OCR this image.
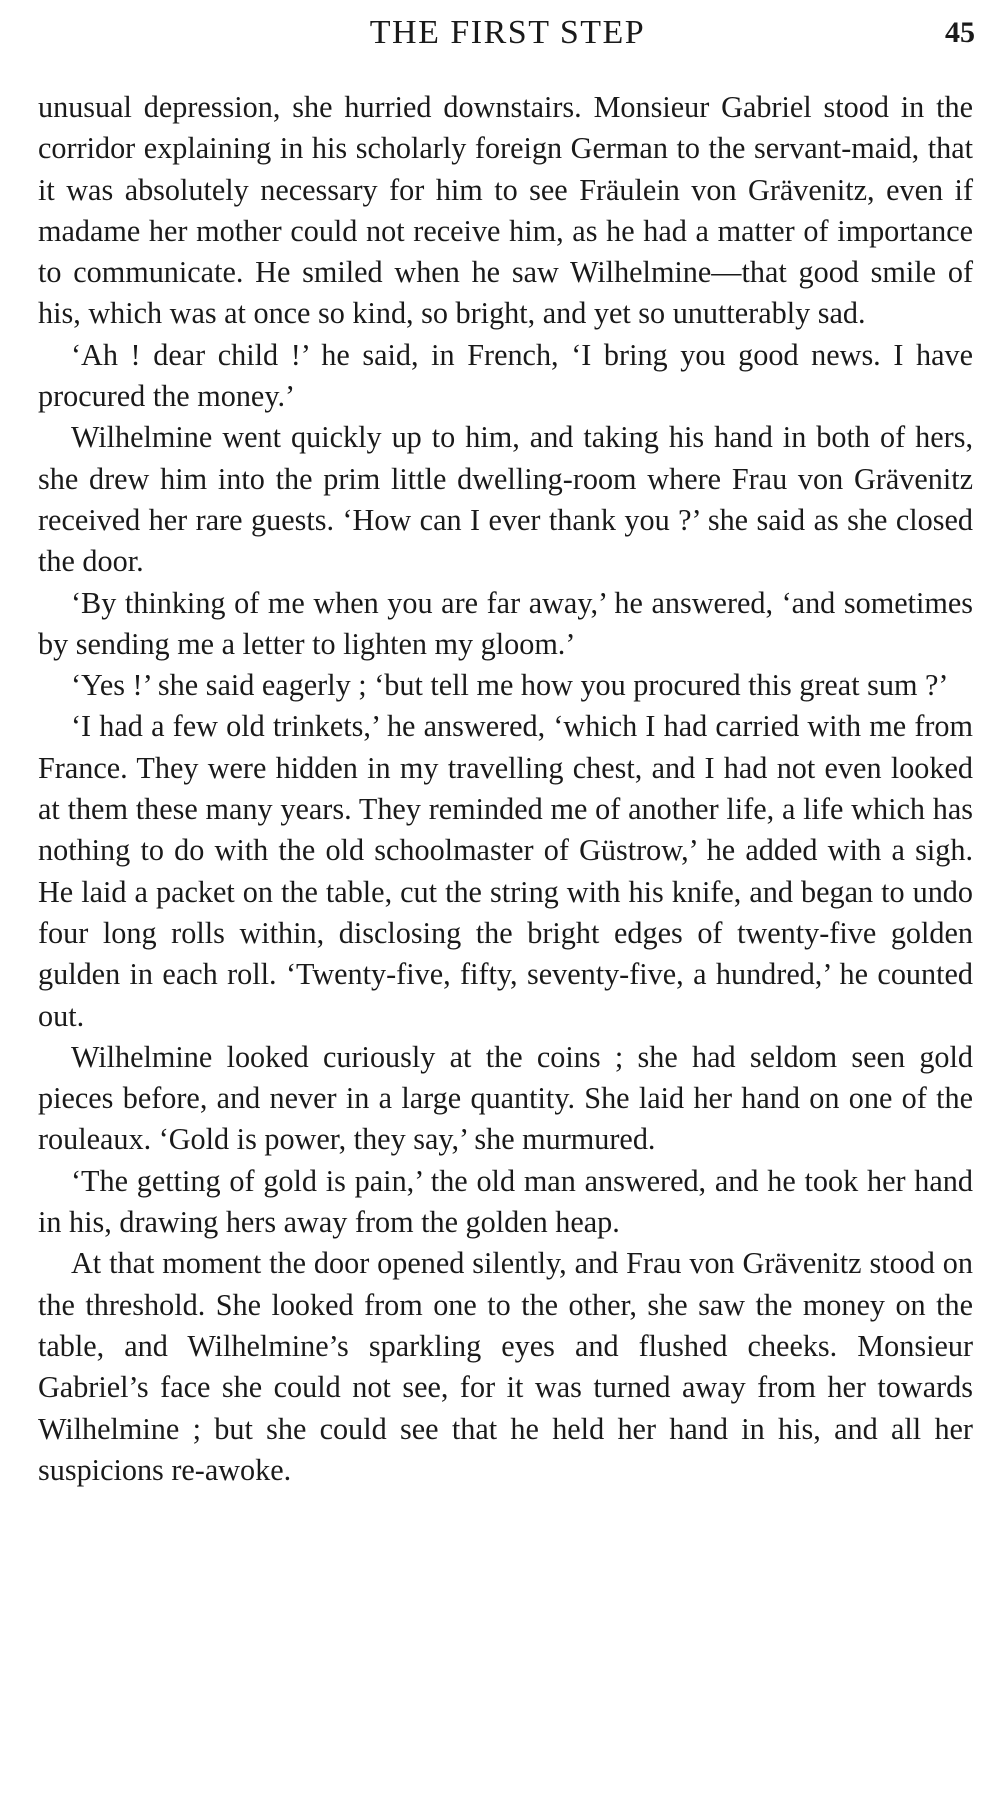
THE FIRST STEP	45

unusual depression, she hurried downstairs. Monsieur Gabriel stood in the corridor explaining in his scholarly foreign German to the servant-maid, that it was absolutely necessary for him to see Fräulein von Grävenitz, even if madame her mother could not receive him, as he had a matter of importance to communicate. He smiled when he saw Wilhelmine—that good smile of his, which was at once so kind, so bright, and yet so unutterably sad.

‘Ah ! dear child !’ he said, in French, ‘I bring you good news. I have procured the money.’

Wilhelmine went quickly up to him, and taking his hand in both of hers, she drew him into the prim little dwelling-room where Frau von Grävenitz received her rare guests. ‘How can I ever thank you ?’ she said as she closed the door.

‘By thinking of me when you are far away,’ he answered, ‘and sometimes by sending me a letter to lighten my gloom.’

‘Yes !’ she said eagerly ; ‘but tell me how you procured this great sum ?’

‘I had a few old trinkets,’ he answered, ‘which I had carried with me from France. They were hidden in my travelling chest, and I had not even looked at them these many years. They reminded me of another life, a life which has nothing to do with the old schoolmaster of Güstrow,’ he added with a sigh. He laid a packet on the table, cut the string with his knife, and began to undo four long rolls within, disclosing the bright edges of twenty-five golden gulden in each roll. ‘Twenty-five, fifty, seventy-five, a hundred,’ he counted out.

Wilhelmine looked curiously at the coins ; she had seldom seen gold pieces before, and never in a large quantity. She laid her hand on one of the rouleaux. ‘Gold is power, they say,’ she murmured.

‘The getting of gold is pain,’ the old man answered, and he took her hand in his, drawing hers away from the golden heap.

At that moment the door opened silently, and Frau von Grävenitz stood on the threshold. She looked from one to the other, she saw the money on the table, and Wilhelmine’s sparkling eyes and flushed cheeks. Monsieur Gabriel’s face she could not see, for it was turned away from her towards Wilhelmine ; but she could see that he held her hand in his, and all her suspicions re-awoke.
